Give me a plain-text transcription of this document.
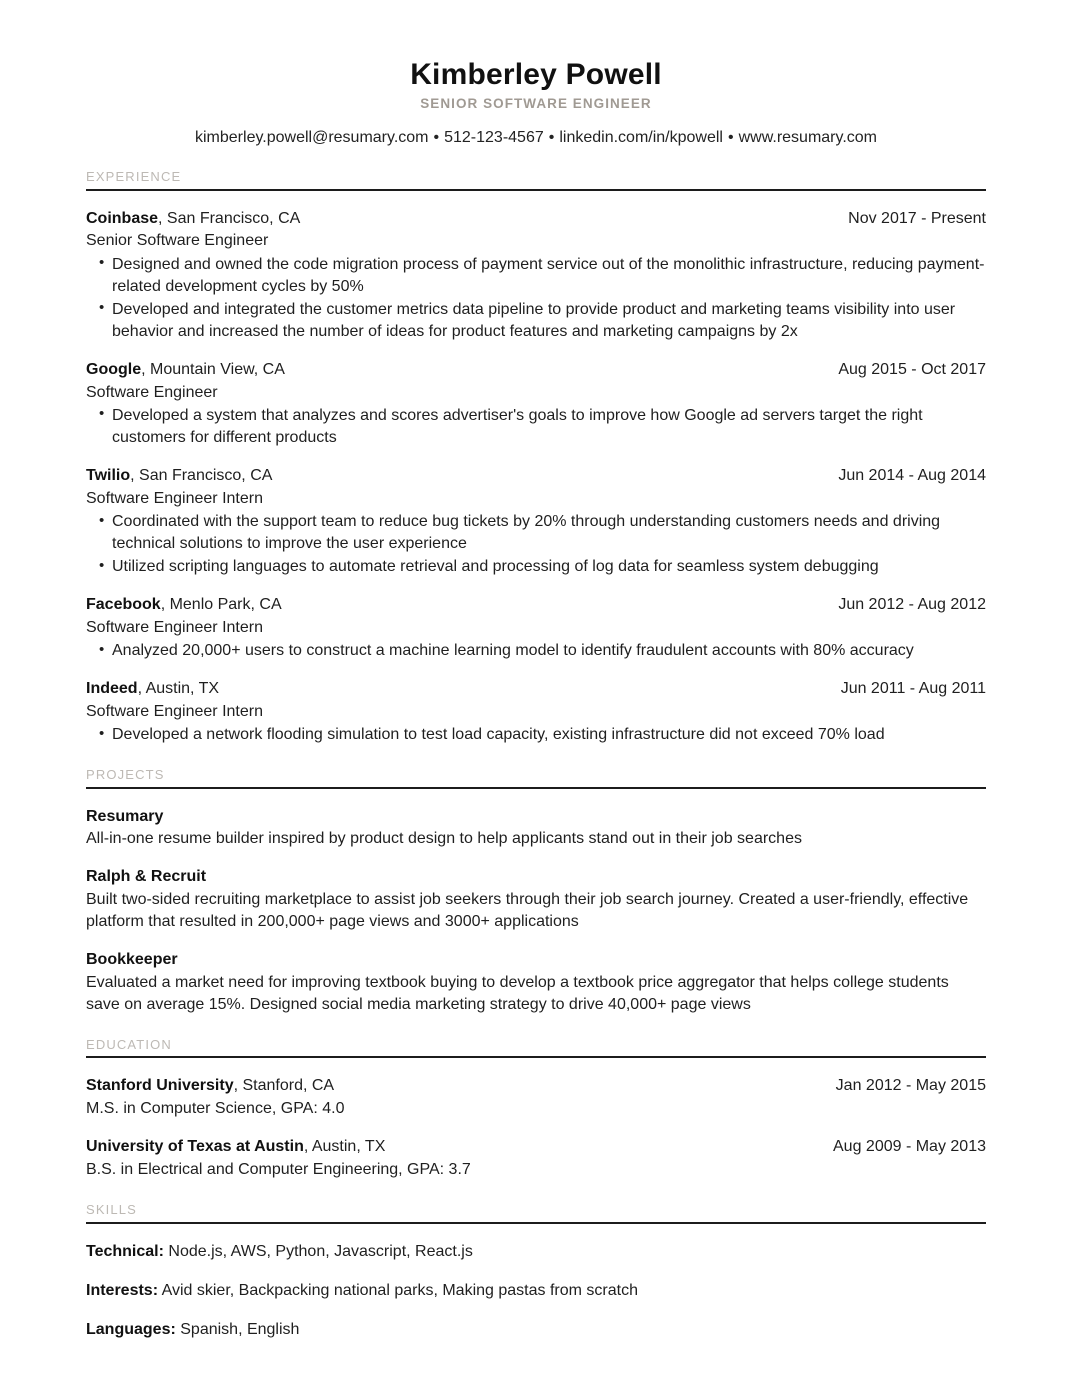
Kimberley Powell
SENIOR SOFTWARE ENGINEER
kimberley.powell@resumary.com • 512-123-4567 • linkedin.com/in/kpowell • www.resumary.com
EXPERIENCE
Coinbase, San Francisco, CA	Nov 2017 - Present
Senior Software Engineer
• Designed and owned the code migration process of payment service out of the monolithic infrastructure, reducing payment-related development cycles by 50%
• Developed and integrated the customer metrics data pipeline to provide product and marketing teams visibility into user behavior and increased the number of ideas for product features and marketing campaigns by 2x
Google, Mountain View, CA	Aug 2015 - Oct 2017
Software Engineer
• Developed a system that analyzes and scores advertiser's goals to improve how Google ad servers target the right customers for different products
Twilio, San Francisco, CA	Jun 2014 - Aug 2014
Software Engineer Intern
• Coordinated with the support team to reduce bug tickets by 20% through understanding customers needs and driving technical solutions to improve the user experience
• Utilized scripting languages to automate retrieval and processing of log data for seamless system debugging
Facebook, Menlo Park, CA	Jun 2012 - Aug 2012
Software Engineer Intern
• Analyzed 20,000+ users to construct a machine learning model to identify fraudulent accounts with 80% accuracy
Indeed, Austin, TX	Jun 2011 - Aug 2011
Software Engineer Intern
• Developed a network flooding simulation to test load capacity, existing infrastructure did not exceed 70% load
PROJECTS
Resumary
All-in-one resume builder inspired by product design to help applicants stand out in their job searches
Ralph & Recruit
Built two-sided recruiting marketplace to assist job seekers through their job search journey. Created a user-friendly, effective platform that resulted in 200,000+ page views and 3000+ applications
Bookkeeper
Evaluated a market need for improving textbook buying to develop a textbook price aggregator that helps college students save on average 15%. Designed social media marketing strategy to drive 40,000+ page views
EDUCATION
Stanford University, Stanford, CA	Jan 2012 - May 2015
M.S. in Computer Science, GPA: 4.0
University of Texas at Austin, Austin, TX	Aug 2009 - May 2013
B.S. in Electrical and Computer Engineering, GPA: 3.7
SKILLS
Technical: Node.js, AWS, Python, Javascript, React.js
Interests: Avid skier, Backpacking national parks, Making pastas from scratch
Languages: Spanish, English
